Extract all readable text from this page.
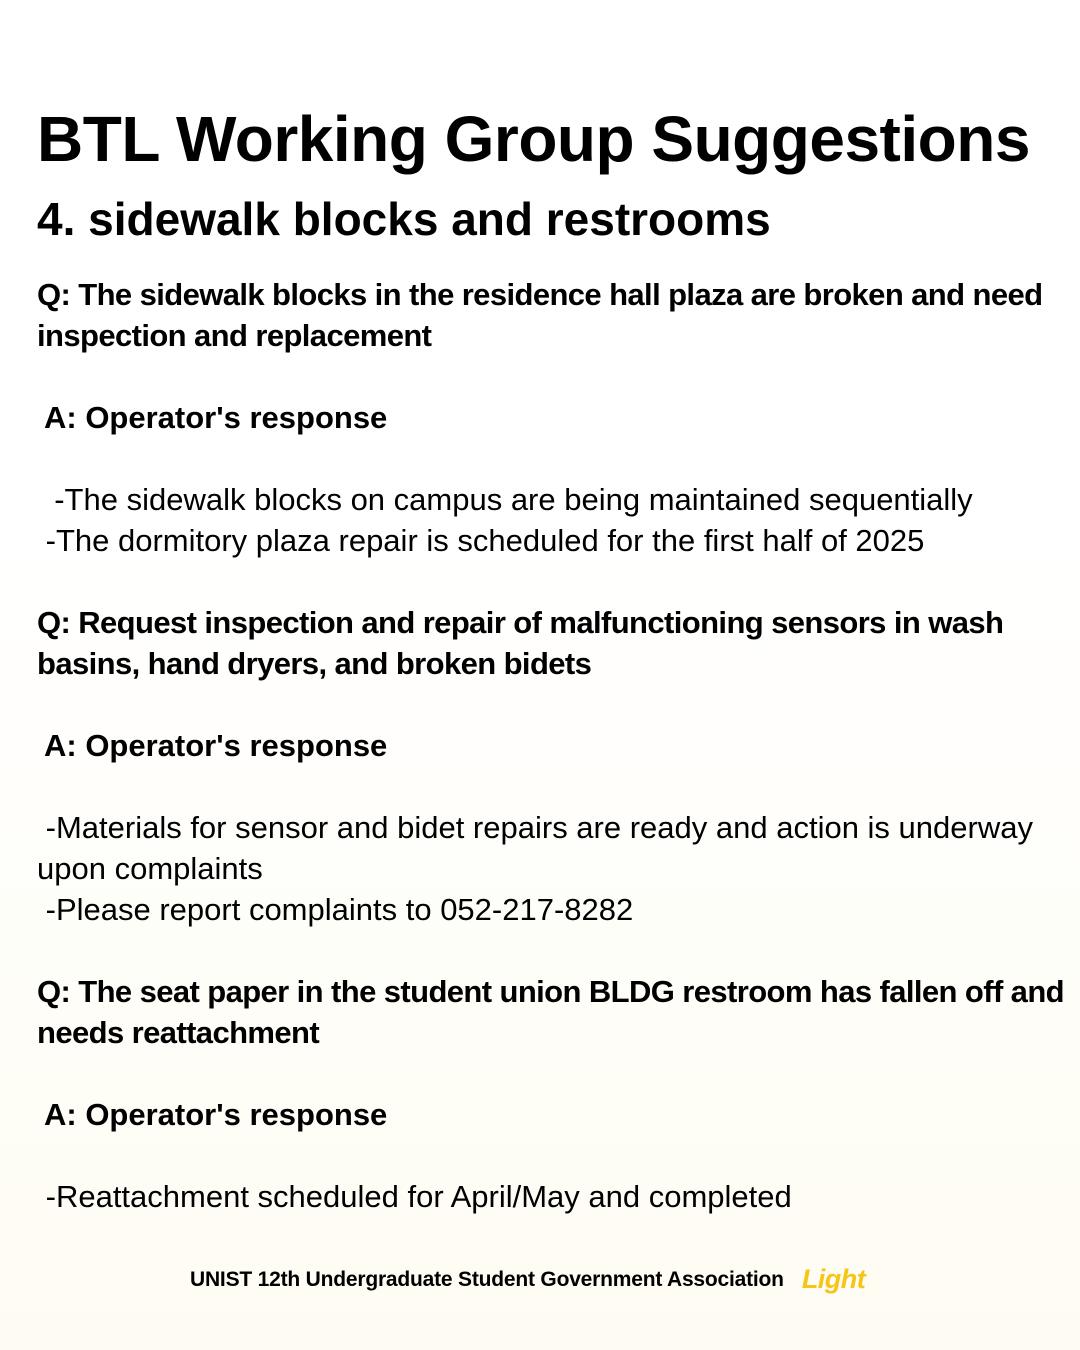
BTL Working Group Suggestions
4. sidewalk blocks and restrooms
Q: The sidewalk blocks in the residence hall plaza are broken and need inspection and replacement
A: Operator's response
-The sidewalk blocks on campus are being maintained sequentially
-The dormitory plaza repair is scheduled for the first half of 2025
Q: Request inspection and repair of malfunctioning sensors in wash basins, hand dryers, and broken bidets
A: Operator's response
-Materials for sensor and bidet repairs are ready and action is underway upon complaints
-Please report complaints to 052-217-8282
Q: The seat paper in the student union BLDG restroom has fallen off and needs reattachment
A: Operator's response
-Reattachment scheduled for April/May and completed
UNIST 12th Undergraduate Student Government Association Light
